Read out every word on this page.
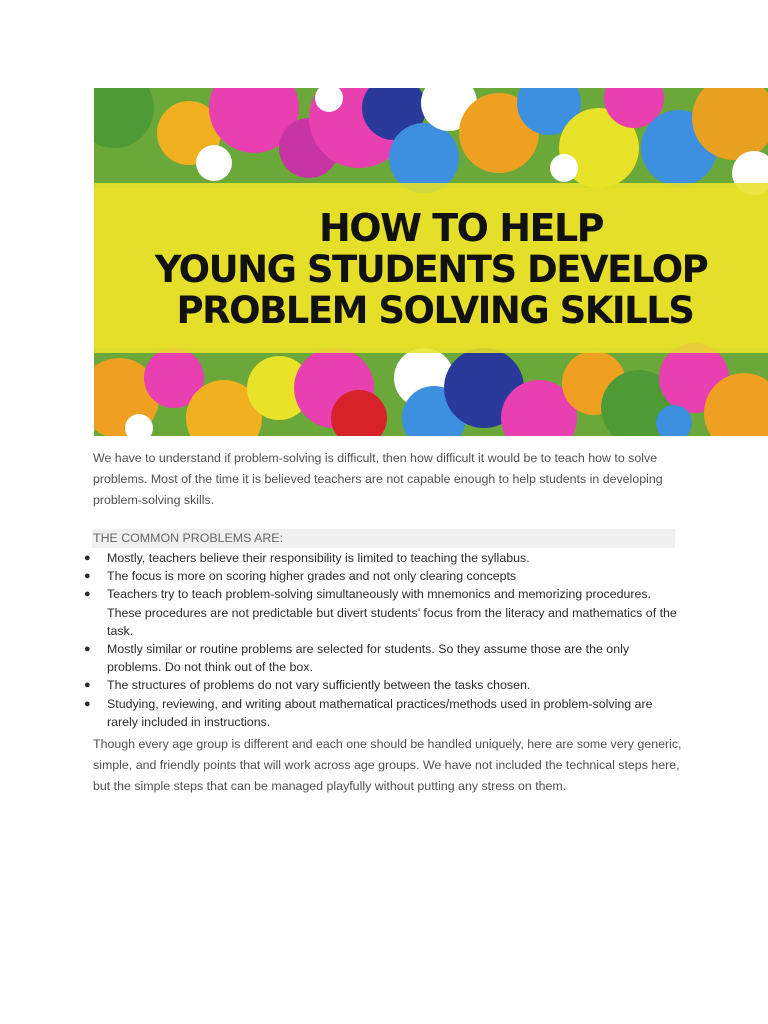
HOW TO HELP
YOUNG STUDENTS DEVELOP
PROBLEM SOLVING SKILLS

We have to understand if problem-solving is difficult, then how difficult it would be to teach how to solve problems. Most of the time it is believed teachers are not capable enough to help students in developing problem-solving skills.

THE COMMON PROBLEMS ARE:
● Mostly, teachers believe their responsibility is limited to teaching the syllabus.
● The focus is more on scoring higher grades and not only clearing concepts
● Teachers try to teach problem-solving simultaneously with mnemonics and memorizing procedures. These procedures are not predictable but divert students’ focus from the literacy and mathematics of the task.
● Mostly similar or routine problems are selected for students. So they assume those are the only problems. Do not think out of the box.
● The structures of problems do not vary sufficiently between the tasks chosen.
● Studying, reviewing, and writing about mathematical practices/methods used in problem-solving are rarely included in instructions.

Though every age group is different and each one should be handled uniquely, here are some very generic, simple, and friendly points that will work across age groups. We have not included the technical steps here, but the simple steps that can be managed playfully without putting any stress on them.
